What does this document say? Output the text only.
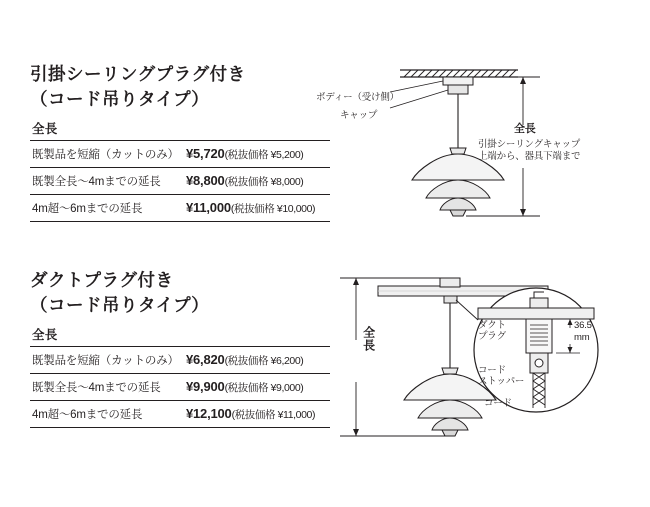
引掛シーリングプラグ付き
（コード吊りタイプ）
全長
既製品を短縮（カットのみ）	¥5,720(税抜価格 ¥5,200)
既製全長〜4mまでの延長	¥8,800(税抜価格 ¥8,000)
4m超〜6mまでの延長	¥11,000(税抜価格 ¥10,000)
ダクトプラグ付き
（コード吊りタイプ）
全長
既製品を短縮（カットのみ）	¥6,820(税抜価格 ¥6,200)
既製全長〜4mまでの延長	¥9,900(税抜価格 ¥9,000)
4m超〜6mまでの延長	¥12,100(税抜価格 ¥11,000)
ボディー（受け側）
キャップ
全長
引掛シーリングキャップ
上端から、器具下端まで
全長
ダクト
プラグ
コード
ストッパー
コード
36.5
mm
